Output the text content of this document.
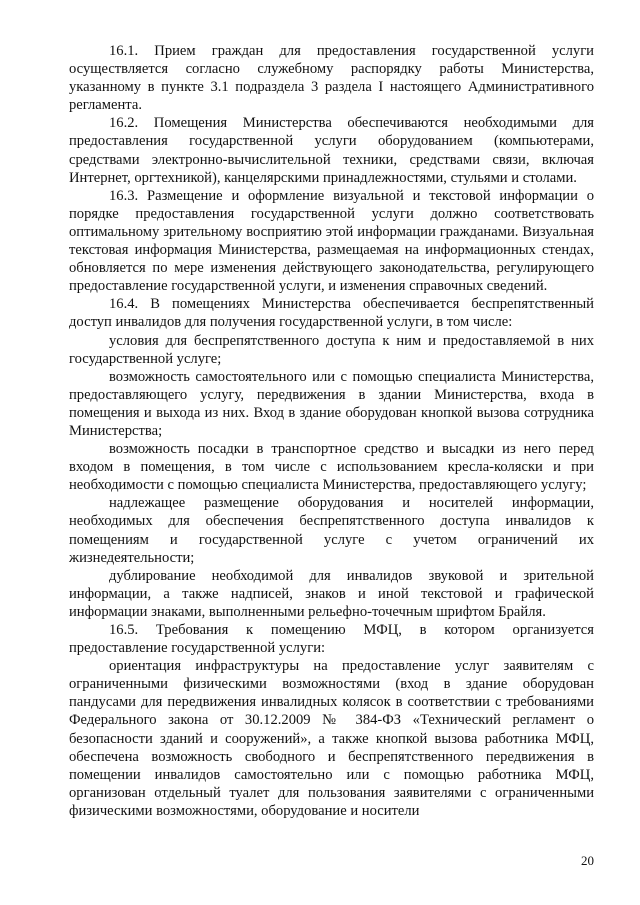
16.1. Прием граждан для предоставления государственной услуги осуществляется согласно служебному распорядку работы Министерства, указанному в пункте 3.1 подраздела 3 раздела I настоящего Административного регламента.

16.2. Помещения Министерства обеспечиваются необходимыми для предоставления государственной услуги оборудованием (компьютерами, средствами электронно-вычислительной техники, средствами связи, включая Интернет, оргтехникой), канцелярскими принадлежностями, стульями и столами.

16.3. Размещение и оформление визуальной и текстовой информации о порядке предоставления государственной услуги должно соответствовать оптимальному зрительному восприятию этой информации гражданами. Визуальная текстовая информация Министерства, размещаемая на информационных стендах, обновляется по мере изменения действующего законодательства, регулирующего предоставление государственной услуги, и изменения справочных сведений.

16.4. В помещениях Министерства обеспечивается беспрепятственный доступ инвалидов для получения государственной услуги, в том числе:

условия для беспрепятственного доступа к ним и предоставляемой в них государственной услуге;

возможность самостоятельного или с помощью специалиста Министерства, предоставляющего услугу, передвижения в здании Министерства, входа в помещения и выхода из них. Вход в здание оборудован кнопкой вызова сотрудника Министерства;

возможность посадки в транспортное средство и высадки из него перед входом в помещения, в том числе с использованием кресла-коляски и при необходимости с помощью специалиста Министерства, предоставляющего услугу;

надлежащее размещение оборудования и носителей информации, необходимых для обеспечения беспрепятственного доступа инвалидов к помещениям и государственной услуге с учетом ограничений их жизнедеятельности;

дублирование необходимой для инвалидов звуковой и зрительной информации, а также надписей, знаков и иной текстовой и графической информации знаками, выполненными рельефно-точечным шрифтом Брайля.

16.5. Требования к помещению МФЦ, в котором организуется предоставление государственной услуги:

ориентация инфраструктуры на предоставление услуг заявителям с ограниченными физическими возможностями (вход в здание оборудован пандусами для передвижения инвалидных колясок в соответствии с требованиями Федерального закона от 30.12.2009 № 384-ФЗ «Технический регламент о безопасности зданий и сооружений», а также кнопкой вызова работника МФЦ, обеспечена возможность свободного и беспрепятственного передвижения в помещении инвалидов самостоятельно или с помощью работника МФЦ, организован отдельный туалет для пользования заявителями с ограниченными физическими возможностями, оборудование и носители

20
